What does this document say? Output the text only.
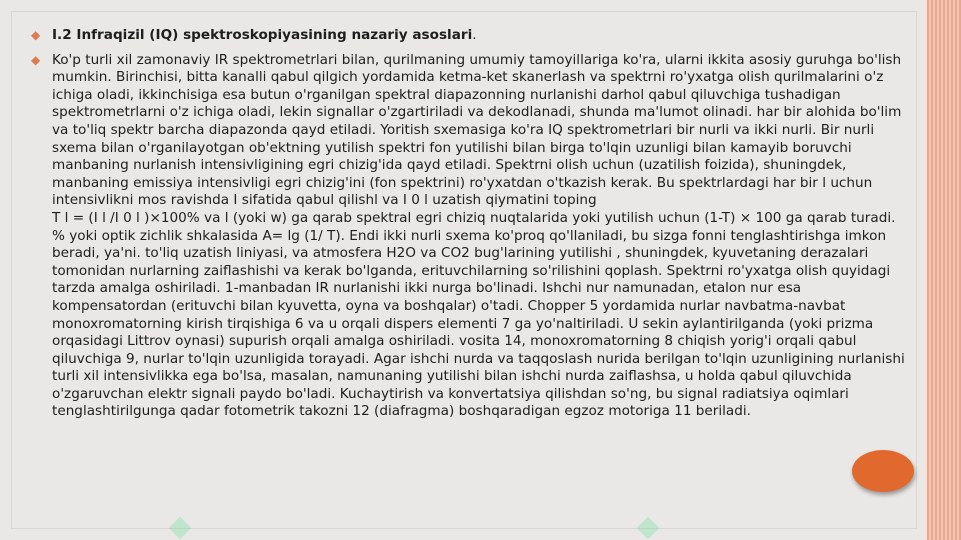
​
◆ I.2 Infraqizil (IQ) spektroskopiyasining nazariy asoslari.
◆ Ko'p turli xil zamonaviy IR spektrometrlari bilan, qurilmaning umumiy tamoyillariga ko'ra, ularni ikkita asosiy guruhga bo'lish mumkin. Birinchisi, bitta kanalli qabul qilgich yordamida ketma-ket skanerlash va spektrni ro'yxatga olish qurilmalarini o'z ichiga oladi, ikkinchisiga esa butun o'rganilgan spektral diapazonning nurlanishi darhol qabul qiluvchiga tushadigan spektrometrlarni o'z ichiga oladi, lekin signallar o'zgartiriladi va dekodlanadi, shunda ma'lumot olinadi. har bir alohida bo'lim va to'liq spektr barcha diapazonda qayd etiladi. Yoritish sxemasiga ko'ra IQ spektrometrlari bir nurli va ikki nurli. Bir nurli sxema bilan o'rganilayotgan ob'ektning yutilish spektri fon yutilishi bilan birga to'lqin uzunligi bilan kamayib boruvchi manbaning nurlanish intensivligining egri chizig'ida qayd etiladi. Spektrni olish uchun (uzatilish foizida), shuningdek, manbaning emissiya intensivligi egri chizig'ini (fon spektrini) ro'yxatdan o'tkazish kerak. Bu spektrlardagi har bir l uchun intensivlikni mos ravishda I sifatida qabul qilishl va I 0 l uzatish qiymatini toping
T l = (I l /I 0 l )×100% va l (yoki w) ga qarab spektral egri chiziq nuqtalarida yoki yutilish uchun (1-T) × 100 ga qarab turadi.
% yoki optik zichlik shkalasida A= lg (1/ T). Endi ikki nurli sxema ko'proq qo'llaniladi, bu sizga fonni tenglashtirishga imkon beradi, ya'ni. to'liq uzatish liniyasi, va atmosfera H2O va CO2 bug'larining yutilishi , shuningdek, kyuvetaning derazalari tomonidan nurlarning zaiflashishi va kerak bo'lganda, erituvchilarning so'rilishini qoplash. Spektrni ro'yxatga olish quyidagi tarzda amalga oshiriladi. 1-manbadan IR nurlanishi ikki nurga bo'linadi. Ishchi nur namunadan, etalon nur esa kompensatordan (erituvchi bilan kyuvetta, oyna va boshqalar) o'tadi. Chopper 5 yordamida nurlar navbatma-navbat monoxromatorning kirish tirqishiga 6 va u orqali dispers elementi 7 ga yo'naltiriladi. U sekin aylantirilganda (yoki prizma orqasidagi Littrov oynasi) supurish orqali amalga oshiriladi. vosita 14, monoxromatorning 8 chiqish yorig'i orqali qabul qiluvchiga 9, nurlar to'lqin uzunligida torayadi. Agar ishchi nurda va taqqoslash nurida berilgan to'lqin uzunligining nurlanishi turli xil intensivlikka ega bo'lsa, masalan, namunaning yutilishi bilan ishchi nurda zaiflashsa, u holda qabul qiluvchida o'zgaruvchan elektr signali paydo bo'ladi. Kuchaytirish va konvertatsiya qilishdan so'ng, bu signal radiatsiya oqimlari tenglashtirilgunga qadar fotometrik takozni 12 (diafragma) boshqaradigan egzoz motoriga 11 beriladi.
